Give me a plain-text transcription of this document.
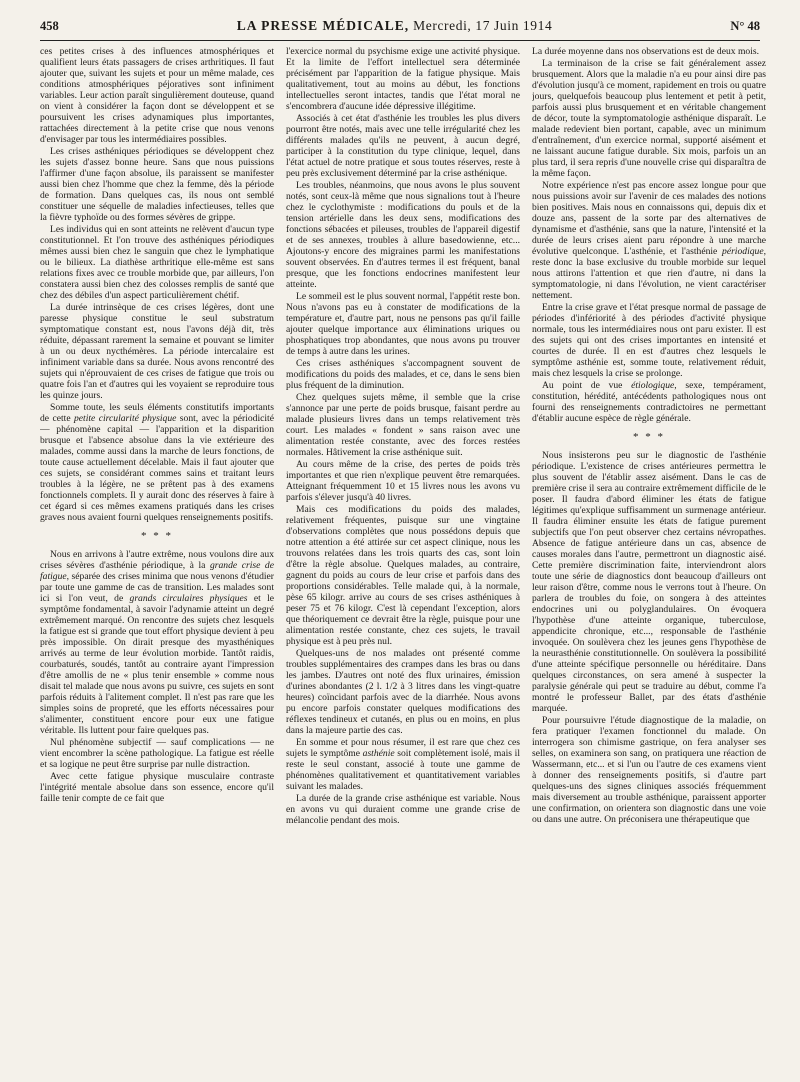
458	LA PRESSE MÉDICALE, Mercredi, 17 Juin 1914	N° 48

ces petites crises à des influences atmosphériques et qualifient leurs états passagers de crises arthritiques. Il faut ajouter que, suivant les sujets et pour un même malade, ces conditions atmosphériques péjoratives sont infiniment variables. Leur action paraît singulièrement douteuse, quand on vient à considérer la façon dont se développent et se poursuivent les crises adynamiques plus importantes, rattachées directement à la petite crise que nous venons d'envisager par tous les intermédiaires possibles.

Les crises asthéniques périodiques se développent chez les sujets d'assez bonne heure. Sans que nous puissions l'affirmer d'une façon absolue, ils paraissent se manifester aussi bien chez l'homme que chez la femme, dès la période de formation. Dans quelques cas, ils nous ont semblé constituer une séquelle de maladies infectieuses, telles que la fièvre typhoïde ou des formes sévères de grippe.

Les individus qui en sont atteints ne relèvent d'aucun type constitutionnel. Et l'on trouve des asthéniques périodiques mêmes aussi bien chez le sanguin que chez le lymphatique ou le bilieux. La diathèse arthritique elle-même est sans relations fixes avec ce trouble morbide que, par ailleurs, l'on constatera aussi bien chez des colosses remplis de santé que chez des débiles d'un aspect particulièrement chétif.

La durée intrinsèque de ces crises légères, dont une paresse physique constitue le seul substratum symptomatique constant est, nous l'avons déjà dit, très réduite, dépassant rarement la semaine et pouvant se limiter à un ou deux nycthémères. La période intercalaire est infiniment variable dans sa durée. Nous avons rencontré des sujets qui n'éprouvaient de ces crises de fatigue que trois ou quatre fois l'an et d'autres qui les voyaient se reproduire tous les quinze jours.

Somme toute, les seuls éléments constitutifs importants de cette petite circularité physique sont, avec la périodicité — phénomène capital — l'apparition et la disparition brusque et l'absence absolue dans la vie extérieure des malades, comme aussi dans la marche de leurs fonctions, de toute cause actuellement décelable. Mais il faut ajouter que ces sujets, se considérant commes sains et traitant leurs troubles à la légère, ne se prêtent pas à des examens fonctionnels complets. Il y aurait donc des réserves à faire à cet égard si ces mêmes examens pratiqués dans les crises graves nous avaient fourni quelques renseignements positifs.

* * *

Nous en arrivons à l'autre extrême, nous voulons dire aux crises sévères d'asthénie périodique, à la grande crise de fatigue, séparée des crises minima que nous venons d'étudier par toute une gamme de cas de transition. Les malades sont ici si l'on veut, de grands circulaires physiques et le symptôme fondamental, à savoir l'adynamie atteint un degré extrêmement marqué. On rencontre des sujets chez lesquels la fatigue est si grande que tout effort physique devient à peu près impossible. On dirait presque des myasthéniques arrivés au terme de leur évolution morbide. Tantôt raidis, courbaturés, soudés, tantôt au contraire ayant l'impression d'être amollis de ne « plus tenir ensemble » comme nous disait tel malade que nous avons pu suivre, ces sujets en sont parfois réduits à l'alitement complet. Il n'est pas rare que les simples soins de propreté, que les efforts nécessaires pour s'alimenter, constituent encore pour eux une fatigue véritable. Ils luttent pour faire quelques pas.

Nul phénomène subjectif — sauf complications — ne vient encombrer la scène pathologique. La fatigue est réelle et sa logique ne peut être surprise par nulle distraction.

Avec cette fatigue physique musculaire contraste l'intégrité mentale absolue dans son essence, encore qu'il faille tenir compte de ce fait que

l'exercice normal du psychisme exige une activité physique. Et la limite de l'effort intellectuel sera déterminée précisément par l'apparition de la fatigue physique. Mais qualitativement, tout au moins au début, les fonctions intellectuelles seront intactes, tandis que l'état moral ne s'encombrera d'aucune idée dépressive illégitime.

Associés à cet état d'asthénie les troubles les plus divers pourront être notés, mais avec une telle irrégularité chez les différents malades qu'ils ne peuvent, à aucun degré, participer à la constitution du type clinique, lequel, dans l'état actuel de notre pratique et sous toutes réserves, reste à peu près exclusivement déterminé par la crise asthénique.

Les troubles, néanmoins, que nous avons le plus souvent notés, sont ceux-là même que nous signalions tout à l'heure chez le cyclothymiste : modifications du pouls et de la tension artérielle dans les deux sens, modifications des fonctions sébacées et pileuses, troubles de l'appareil digestif et de ses annexes, troubles à allure basedowienne, etc... Ajoutons-y encore des migraines parmi les manifestations souvent observées. En d'autres termes il est fréquent, banal presque, que les fonctions endocrines manifestent leur atteinte.

Le sommeil est le plus souvent normal, l'appétit reste bon. Nous n'avons pas eu à constater de modifications de la température et, d'autre part, nous ne pensons pas qu'il faille ajouter quelque importance aux éliminations uriques ou phosphatiques trop abondantes, que nous avons pu trouver de temps à autre dans les urines.

Ces crises asthéniques s'accompagnent souvent de modifications du poids des malades, et ce, dans le sens bien plus fréquent de la diminution.

Chez quelques sujets même, il semble que la crise s'annonce par une perte de poids brusque, faisant perdre au malade plusieurs livres dans un temps relativement très court. Les malades « fondent » sans raison avec une alimentation restée constante, avec des forces restées normales. Hâtivement la crise asthénique suit.

Au cours même de la crise, des pertes de poids très importantes et que rien n'explique peuvent être remarquées. Atteignant fréquemment 10 et 15 livres nous les avons vu parfois s'élever jusqu'à 40 livres.

Mais ces modifications du poids des malades, relativement fréquentes, puisque sur une vingtaine d'observations complètes que nous possédons depuis que notre attention a été attirée sur cet aspect clinique, nous les trouvons relatées dans les trois quarts des cas, sont loin d'être la règle absolue. Quelques malades, au contraire, gagnent du poids au cours de leur crise et parfois dans des proportions considérables. Telle malade qui, à la normale, pèse 65 kilogr. arrive au cours de ses crises asthéniques à peser 75 et 76 kilogr. C'est là cependant l'exception, alors que théoriquement ce devrait être la règle, puisque pour une alimentation restée constante, chez ces sujets, le travail physique est à peu près nul.

Quelques-uns de nos malades ont présenté comme troubles supplémentaires des crampes dans les bras ou dans les jambes. D'autres ont noté des flux urinaires, émission d'urines abondantes (2 l. 1/2 à 3 litres dans les vingt-quatre heures) coïncidant parfois avec de la diarrhée. Nous avons pu encore parfois constater quelques modifications des réflexes tendineux et cutanés, en plus ou en moins, en plus dans la majeure partie des cas.

En somme et pour nous résumer, il est rare que chez ces sujets le symptôme asthénie soit complètement isolé, mais il reste le seul constant, associé à toute une gamme de phénomènes qualitativement et quantitativement variables suivant les malades.

La durée de la grande crise asthénique est variable. Nous en avons vu qui duraient comme une grande crise de mélancolie pendant des mois.

La durée moyenne dans nos observations est de deux mois.

La terminaison de la crise se fait généralement assez brusquement. Alors que la maladie n'a eu pour ainsi dire pas d'évolution jusqu'à ce moment, rapidement en trois ou quatre jours, quelquefois beaucoup plus lentement et petit à petit, parfois aussi plus brusquement et en véritable changement de décor, toute la symptomatologie asthénique disparaît. Le malade redevient bien portant, capable, avec un minimum d'entraînement, d'un exercice normal, supporté aisément et ne laissant aucune fatigue durable. Six mois, parfois un an plus tard, il sera repris d'une nouvelle crise qui disparaîtra de la même façon.

Notre expérience n'est pas encore assez longue pour que nous puissions avoir sur l'avenir de ces malades des notions bien positives. Mais nous en connaissons qui, depuis dix et douze ans, passent de la sorte par des alternatives de dynamisme et d'asthénie, sans que la nature, l'intensité et la durée de leurs crises aient paru répondre à une marche évolutive quelconque. L'asthénie, et l'asthénie périodique, reste donc la base exclusive du trouble morbide sur lequel nous attirons l'attention et que rien d'autre, ni dans la symptomatologie, ni dans l'évolution, ne vient caractériser nettement.

Entre la crise grave et l'état presque normal de passage de périodes d'infériorité à des périodes d'activité physique normale, tous les intermédiaires nous ont paru exister. Il est des sujets qui ont des crises importantes en intensité et courtes de durée. Il en est d'autres chez lesquels le symptôme asthénie est, somme toute, relativement réduit, mais chez lesquels la crise se prolonge.

Au point de vue étiologique, sexe, tempérament, constitution, hérédité, antécédents pathologiques nous ont fourni des renseignements contradictoires ne permettant d'établir aucune espèce de règle générale.

* * *

Nous insisterons peu sur le diagnostic de l'asthénie périodique. L'existence de crises antérieures permettra le plus souvent de l'établir assez aisément. Dans le cas de première crise il sera au contraire extrêmement difficile de le poser. Il faudra d'abord éliminer les états de fatigue légitimes qu'explique suffisamment un surmenage antérieur. Il faudra éliminer ensuite les états de fatigue purement subjectifs que l'on peut observer chez certains névropathes. Absence de fatigue antérieure dans un cas, absence de causes morales dans l'autre, permettront un diagnostic aisé. Cette première discrimination faite, interviendront alors toute une série de diagnostics dont beaucoup d'ailleurs ont leur raison d'être, comme nous le verrons tout à l'heure. On parlera de troubles du foie, on songera à des atteintes endocrines uni ou polyglandulaires. On évoquera l'hypothèse d'une atteinte organique, tuberculose, appendicite chronique, etc..., responsable de l'asthénie invoquée. On soulèvera chez les jeunes gens l'hypothèse de la neurasthénie constitutionnelle. On soulèvera la possibilité d'une atteinte spécifique personnelle ou héréditaire. Dans quelques circonstances, on sera amené à suspecter la paralysie générale qui peut se traduire au début, comme l'a montré le professeur Ballet, par des états d'asthénie marquée.

Pour poursuivre l'étude diagnostique de la maladie, on fera pratiquer l'examen fonctionnel du malade. On interrogera son chimisme gastrique, on fera analyser ses selles, on examinera son sang, on pratiquera une réaction de Wassermann, etc... et si l'un ou l'autre de ces examens vient à donner des renseignements positifs, si d'autre part quelques-uns des signes cliniques associés fréquemment mais diversement au trouble asthénique, paraissent apporter une confirmation, on orientera son diagnostic dans une voie ou dans une autre. On préconisera une thérapeutique que
